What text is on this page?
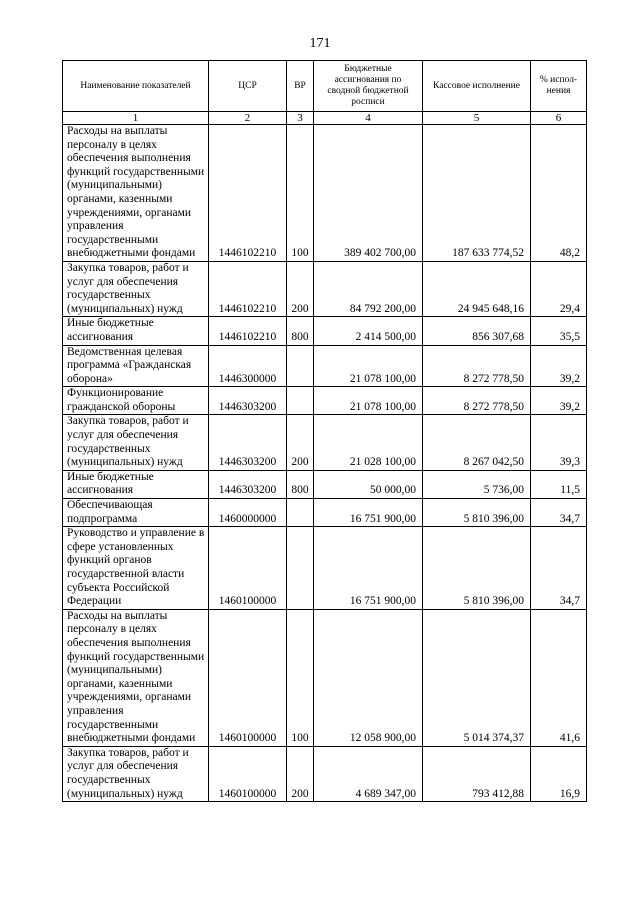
171
Наименование показателей	ЦСР	ВР	Бюджетные ассигнования по сводной бюджетной росписи	Кассовое исполнение	% испол-нения
1	2	3	4	5	6
Расходы на выплаты персоналу в целях обеспечения выполнения функций государственными (муниципальными) органами, казенными учреждениями, органами управления государственными внебюджетными фондами	1446102210	100	389 402 700,00	187 633 774,52	48,2
Закупка товаров, работ и услуг для обеспечения государственных (муниципальных) нужд	1446102210	200	84 792 200,00	24 945 648,16	29,4
Иные бюджетные ассигнования	1446102210	800	2 414 500,00	856 307,68	35,5
Ведомственная целевая программа «Гражданская оборона»	1446300000		21 078 100,00	8 272 778,50	39,2
Функционирование гражданской обороны	1446303200		21 078 100,00	8 272 778,50	39,2
Закупка товаров, работ и услуг для обеспечения государственных (муниципальных) нужд	1446303200	200	21 028 100,00	8 267 042,50	39,3
Иные бюджетные ассигнования	1446303200	800	50 000,00	5 736,00	11,5
Обеспечивающая подпрограмма	1460000000		16 751 900,00	5 810 396,00	34,7
Руководство и управление в сфере установленных функций органов государственной власти субъекта Российской Федерации	1460100000		16 751 900,00	5 810 396,00	34,7
Расходы на выплаты персоналу в целях обеспечения выполнения функций государственными (муниципальными) органами, казенными учреждениями, органами управления государственными внебюджетными фондами	1460100000	100	12 058 900,00	5 014 374,37	41,6
Закупка товаров, работ и услуг для обеспечения государственных (муниципальных) нужд	1460100000	200	4 689 347,00	793 412,88	16,9
